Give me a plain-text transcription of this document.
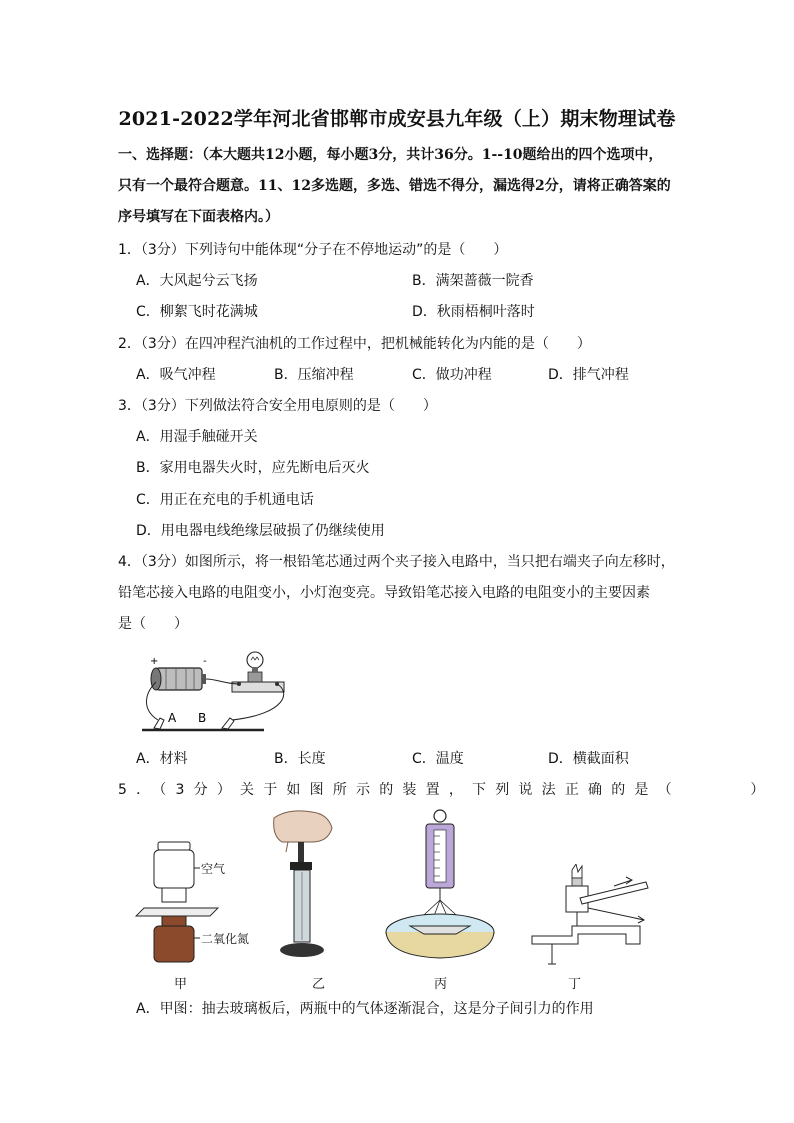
2021-2022学年河北省邯郸市成安县九年级（上）期末物理试卷
一、选择题：（本大题共12小题，每小题3分，共计36分。1--10题给出的四个选项中，
只有一个最符合题意。11、12多选题，多选、错选不得分，漏选得2分，请将正确答案的
序号填写在下面表格内。）
1．（3分）下列诗句中能体现“分子在不停地运动”的是（　　）
A．大风起兮云飞扬	B．满架蔷薇一院香
C．柳絮飞时花满城	D．秋雨梧桐叶落时
2．（3分）在四冲程汽油机的工作过程中，把机械能转化为内能的是（　　）
A．吸气冲程	B．压缩冲程	C．做功冲程	D．排气冲程
3．（3分）下列做法符合安全用电原则的是（　　）
A．用湿手触碰开关
B．家用电器失火时，应先断电后灭火
C．用正在充电的手机通电话
D．用电器电线绝缘层破损了仍继续使用
4．（3分）如图所示，将一根铅笔芯通过两个夹子接入电路中，当只把右端夹子向左移时，
铅笔芯接入电路的电阻变小，小灯泡变亮。导致铅笔芯接入电路的电阻变小的主要因素
是（　　）
+	-
A B
A．材料	B．长度	C．温度	D．横截面积
5．（3分）关于如图所示的装置，下列说法正确的是（　　　）
空气
二氧化氮
甲	乙	丙	丁
A．甲图：抽去玻璃板后，两瓶中的气体逐渐混合，这是分子间引力的作用
